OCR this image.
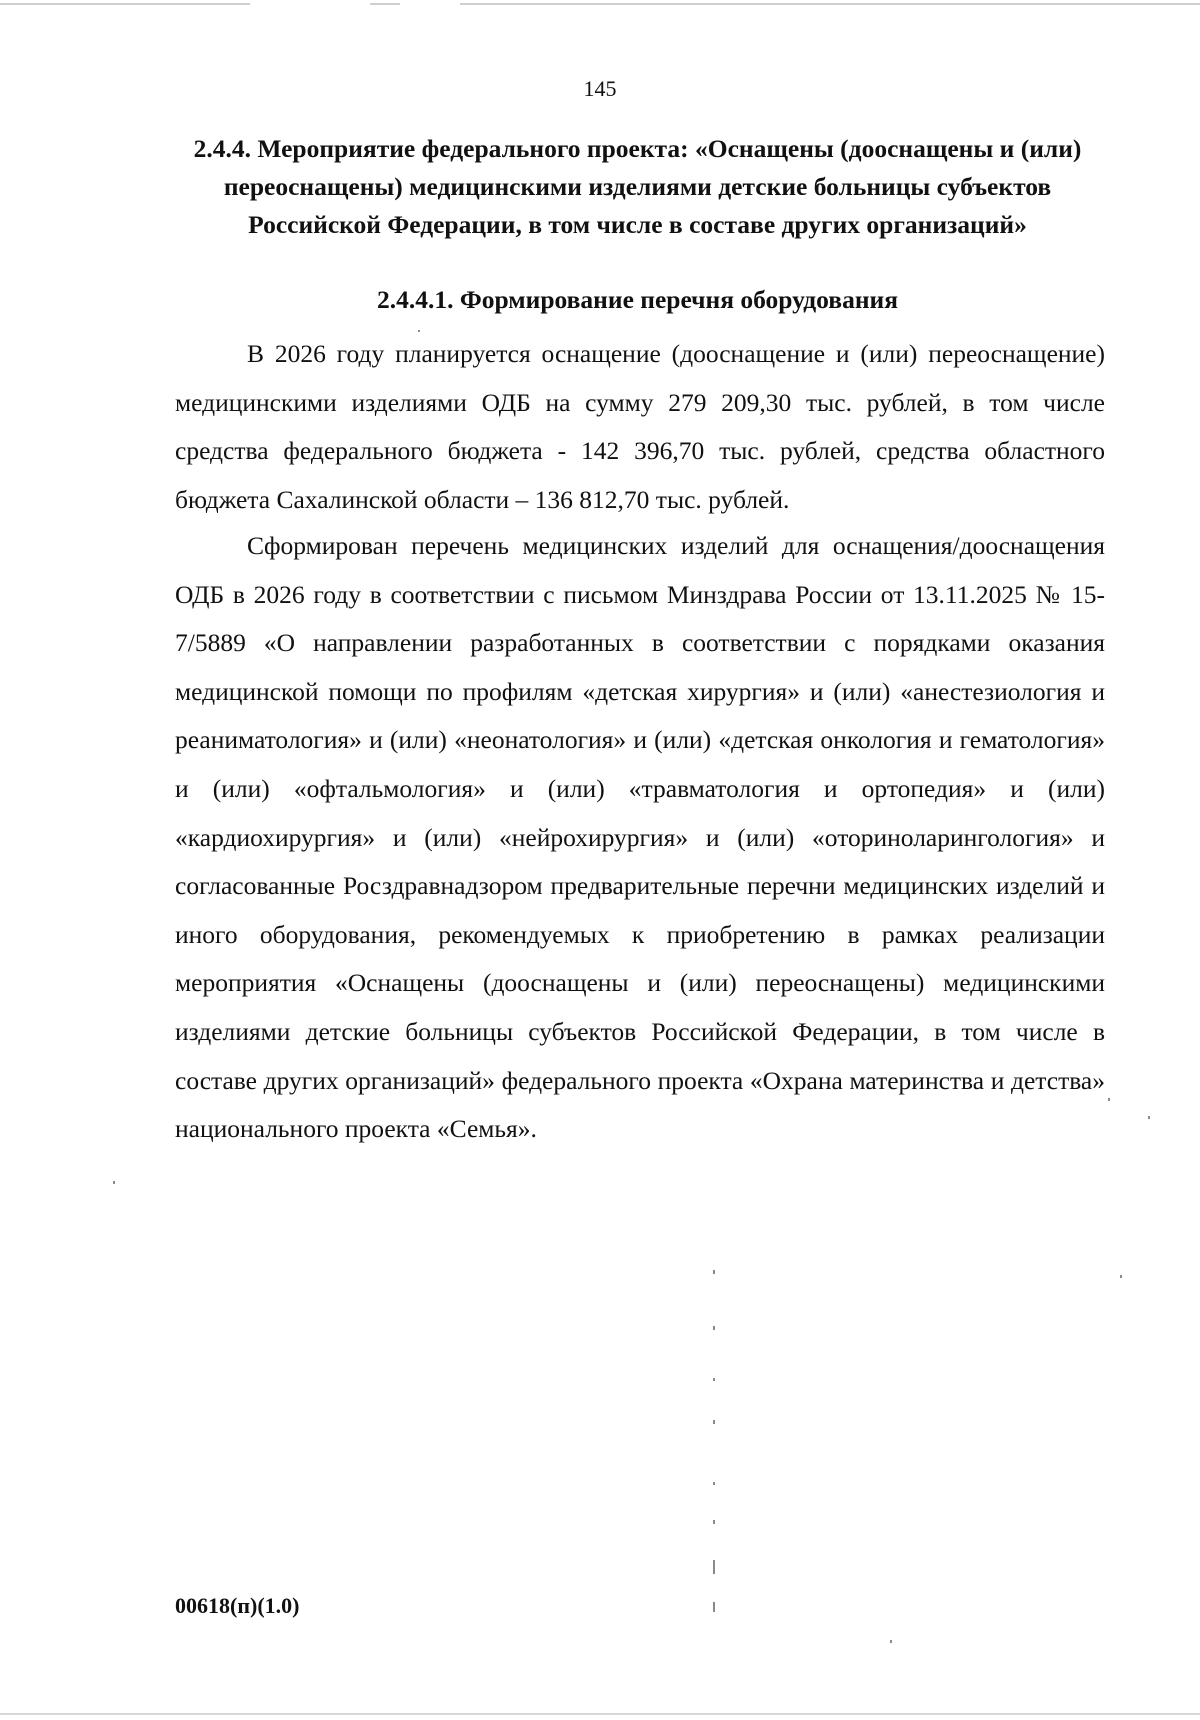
145
2.4.4. Мероприятие федерального проекта: «Оснащены (дооснащены и (или) переоснащены) медицинскими изделиями детские больницы субъектов Российской Федерации, в том числе в составе других организаций»
2.4.4.1. Формирование перечня оборудования

В 2026 году планируется оснащение (дооснащение и (или) переоснащение) медицинскими изделиями ОДБ на сумму 279 209,30 тыс. рублей, в том числе средства федерального бюджета - 142 396,70 тыс. рублей, средства областного бюджета Сахалинской области – 136 812,70 тыс. рублей.

Сформирован перечень медицинских изделий для оснащения/дооснащения ОДБ в 2026 году в соответствии с письмом Минздрава России от 13.11.2025 № 15-7/5889 «О направлении разработанных в соответствии с порядками оказания медицинской помощи по профилям «детская хирургия» и (или) «анестезиология и реаниматология» и (или) «неонатология» и (или) «детская онкология и гематология» и (или) «офтальмология» и (или) «травматология и ортопедия» и (или) «кардиохирургия» и (или) «нейрохирургия» и (или) «оториноларингология» и согласованные Росздравнадзором предварительные перечни медицинских изделий и иного оборудования, рекомендуемых к приобретению в рамках реализации мероприятия «Оснащены (дооснащены и (или) переоснащены) медицинскими изделиями детские больницы субъектов Российской Федерации, в том числе в составе других организаций» федерального проекта «Охрана материнства и детства» национального проекта «Семья».

00618(п)(1.0)
